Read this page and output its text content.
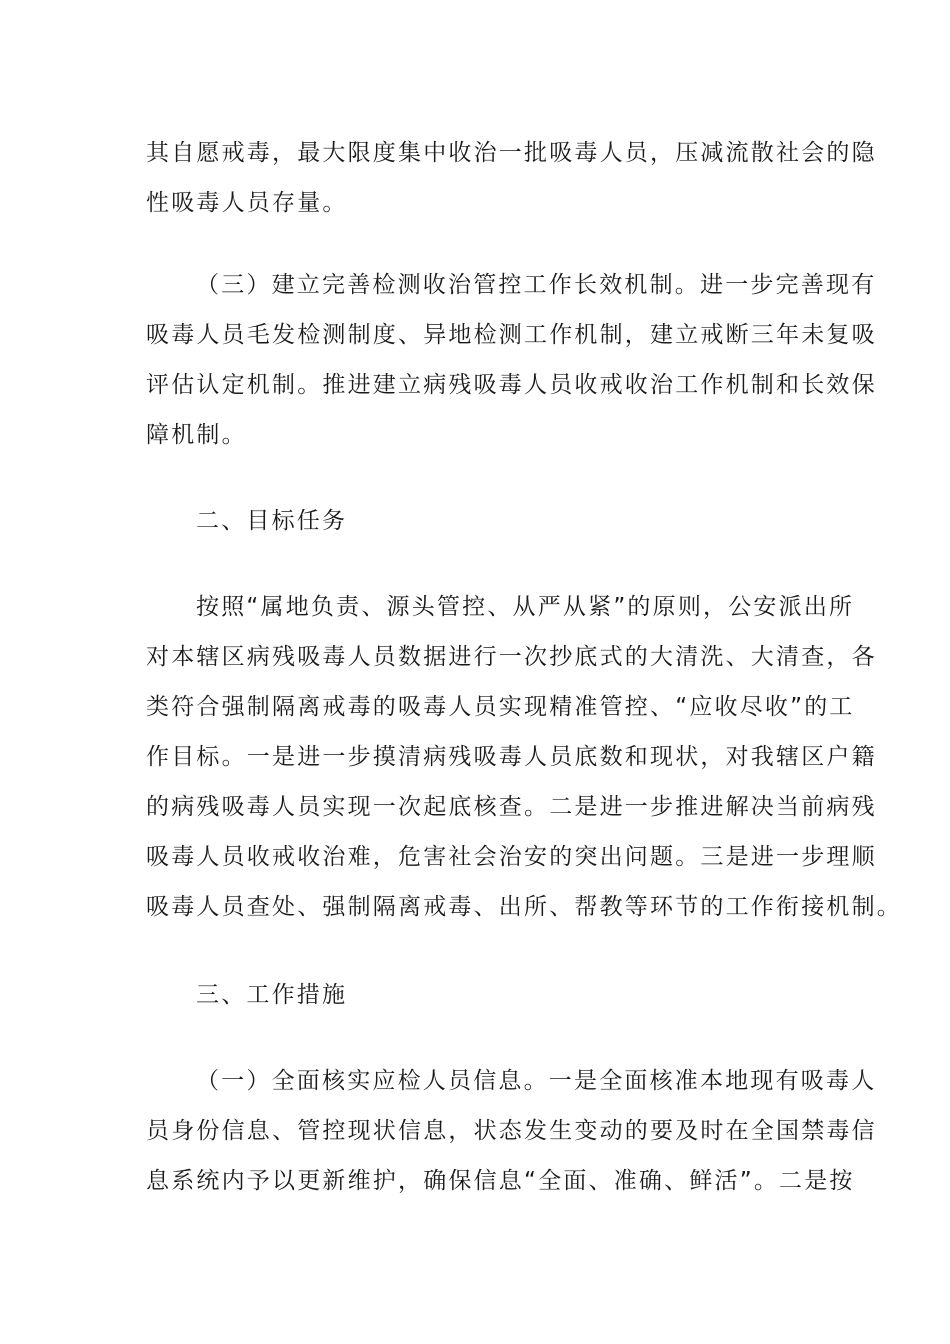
其自愿戒毒，最大限度集中收治一批吸毒人员，压减流散社会的隐
性吸毒人员存量。
（三）建立完善检测收治管控工作长效机制。进一步完善现有
吸毒人员毛发检测制度、异地检测工作机制，建立戒断三年未复吸
评估认定机制。推进建立病残吸毒人员收戒收治工作机制和长效保
障机制。
二、目标任务
按照“属地负责、源头管控、从严从紧”的原则，公安派出所
对本辖区病残吸毒人员数据进行一次抄底式的大清洗、大清查，各
类符合强制隔离戒毒的吸毒人员实现精准管控、“应收尽收”的工
作目标。一是进一步摸清病残吸毒人员底数和现状，对我辖区户籍
的病残吸毒人员实现一次起底核查。二是进一步推进解决当前病残
吸毒人员收戒收治难，危害社会治安的突出问题。三是进一步理顺
吸毒人员查处、强制隔离戒毒、出所、帮教等环节的工作衔接机制。
三、工作措施
（一）全面核实应检人员信息。一是全面核准本地现有吸毒人
员身份信息、管控现状信息，状态发生变动的要及时在全国禁毒信
息系统内予以更新维护，确保信息“全面、准确、鲜活”。二是按
